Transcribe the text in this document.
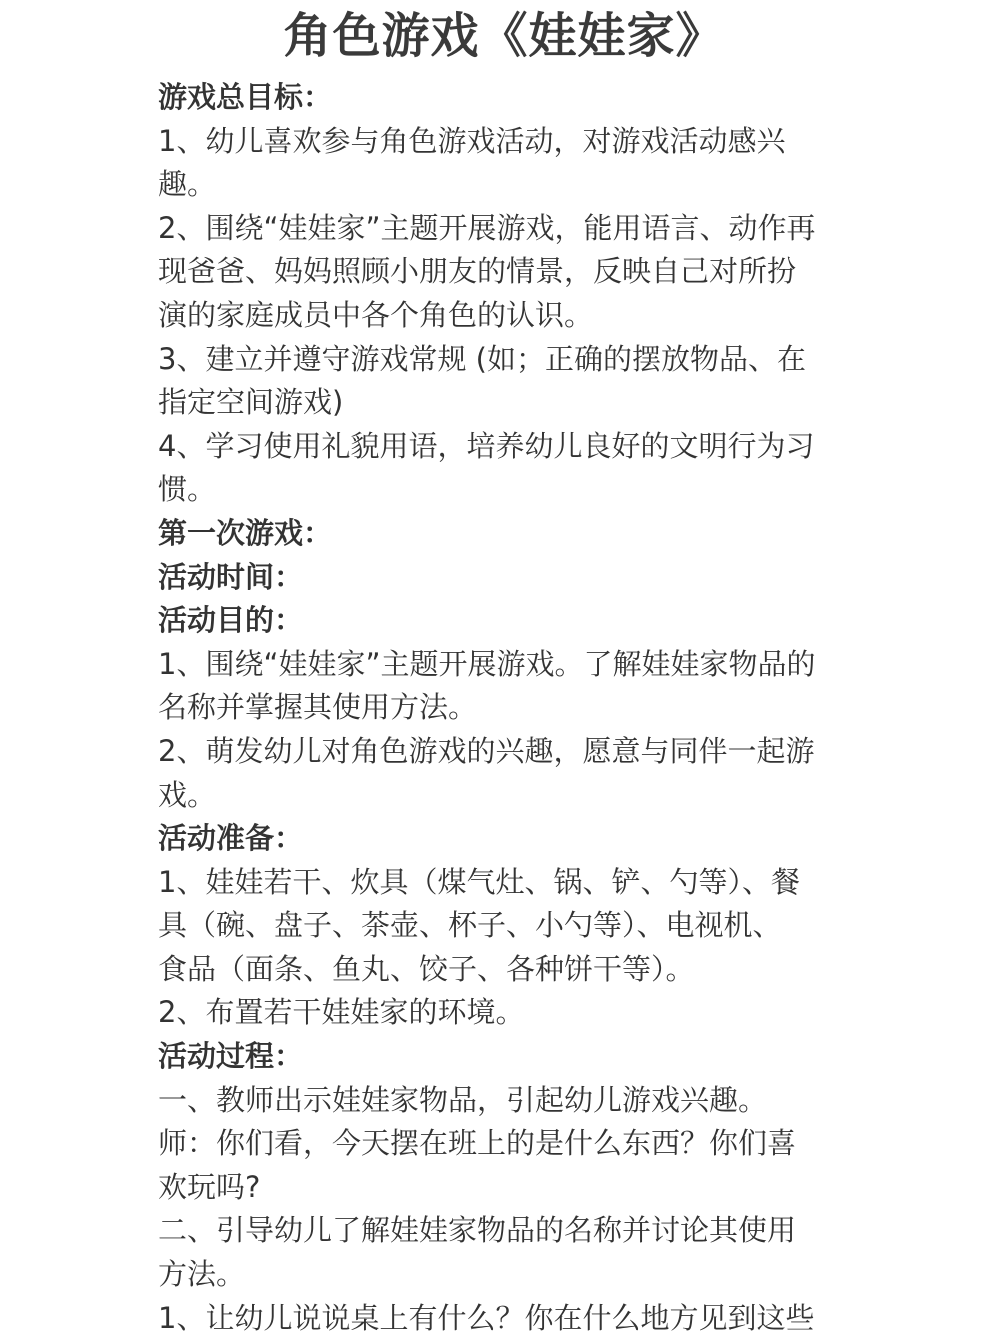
角色游戏《娃娃家》
游戏总目标：
1、幼儿喜欢参与角色游戏活动，对游戏活动感兴
趣。
2、围绕“娃娃家”主题开展游戏，能用语言、动作再
现爸爸、妈妈照顾小朋友的情景，反映自己对所扮
演的家庭成员中各个角色的认识。
3、建立并遵守游戏常规 (如；正确的摆放物品、在
指定空间游戏)
4、学习使用礼貌用语，培养幼儿良好的文明行为习
惯。
第一次游戏：
活动时间：
活动目的：
1、围绕“娃娃家”主题开展游戏。了解娃娃家物品的
名称并掌握其使用方法。
2、萌发幼儿对角色游戏的兴趣，愿意与同伴一起游
戏。
活动准备：
1、娃娃若干、炊具（煤气灶、锅、铲、勺等）、餐
具（碗、盘子、茶壶、杯子、小勺等）、电视机、
食品（面条、鱼丸、饺子、各种饼干等）。
2、布置若干娃娃家的环境。
活动过程：
一、教师出示娃娃家物品，引起幼儿游戏兴趣。
师：你们看，今天摆在班上的是什么东西？你们喜
欢玩吗?
二、引导幼儿了解娃娃家物品的名称并讨论其使用
方法。
1、让幼儿说说桌上有什么？你在什么地方见到这些
